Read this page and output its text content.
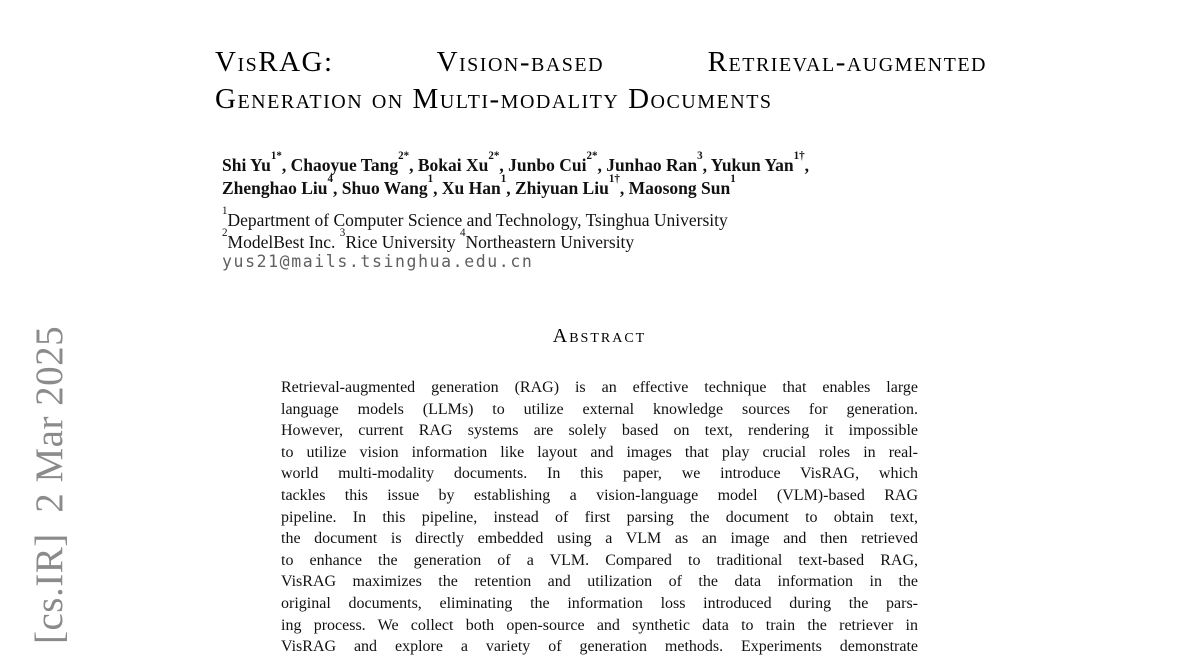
[cs.IR]  2 Mar 2025
VisRAG: Vision-based Retrieval-augmented
Generation on Multi-modality Documents
Shi $Yu^{1*}$, Chaoyue Tang$^{2*}$, Bokai $Xu^{2*}$, Junbo Cui$^{2*}$, Junhao Ran$^3$, Yukun Yan$^{1\dagger}$,
Zhenghao Liu$^4$, Shuo Wang$^1$, Xu Han$^1$, Zhiyuan Liu$^{1\dagger}$, Maosong Sun$^1$
$^1$Department of Computer Science and Technology, Tsinghua University
$^2$ModelBest Inc. $^3$Rice University $^4$Northeastern University
yus21@mails.tsinghua.edu.cn
Abstract
Retrieval-augmented generation (RAG) is an effective technique that enables large
language models (LLMs) to utilize external knowledge sources for generation.
However, current RAG systems are solely based on text, rendering it impossible
to utilize vision information like layout and images that play crucial roles in real-
world multi-modality documents. In this paper, we introduce VisRAG, which
tackles this issue by establishing a vision-language model (VLM)-based RAG
pipeline. In this pipeline, instead of first parsing the document to obtain text,
the document is directly embedded using a VLM as an image and then retrieved
to enhance the generation of a VLM. Compared to traditional text-based RAG,
VisRAG maximizes the retention and utilization of the data information in the
original documents, eliminating the information loss introduced during the pars-
ing process. We collect both open-source and synthetic data to train the retriever in
VisRAG and explore a variety of generation methods. Experiments demonstrate
